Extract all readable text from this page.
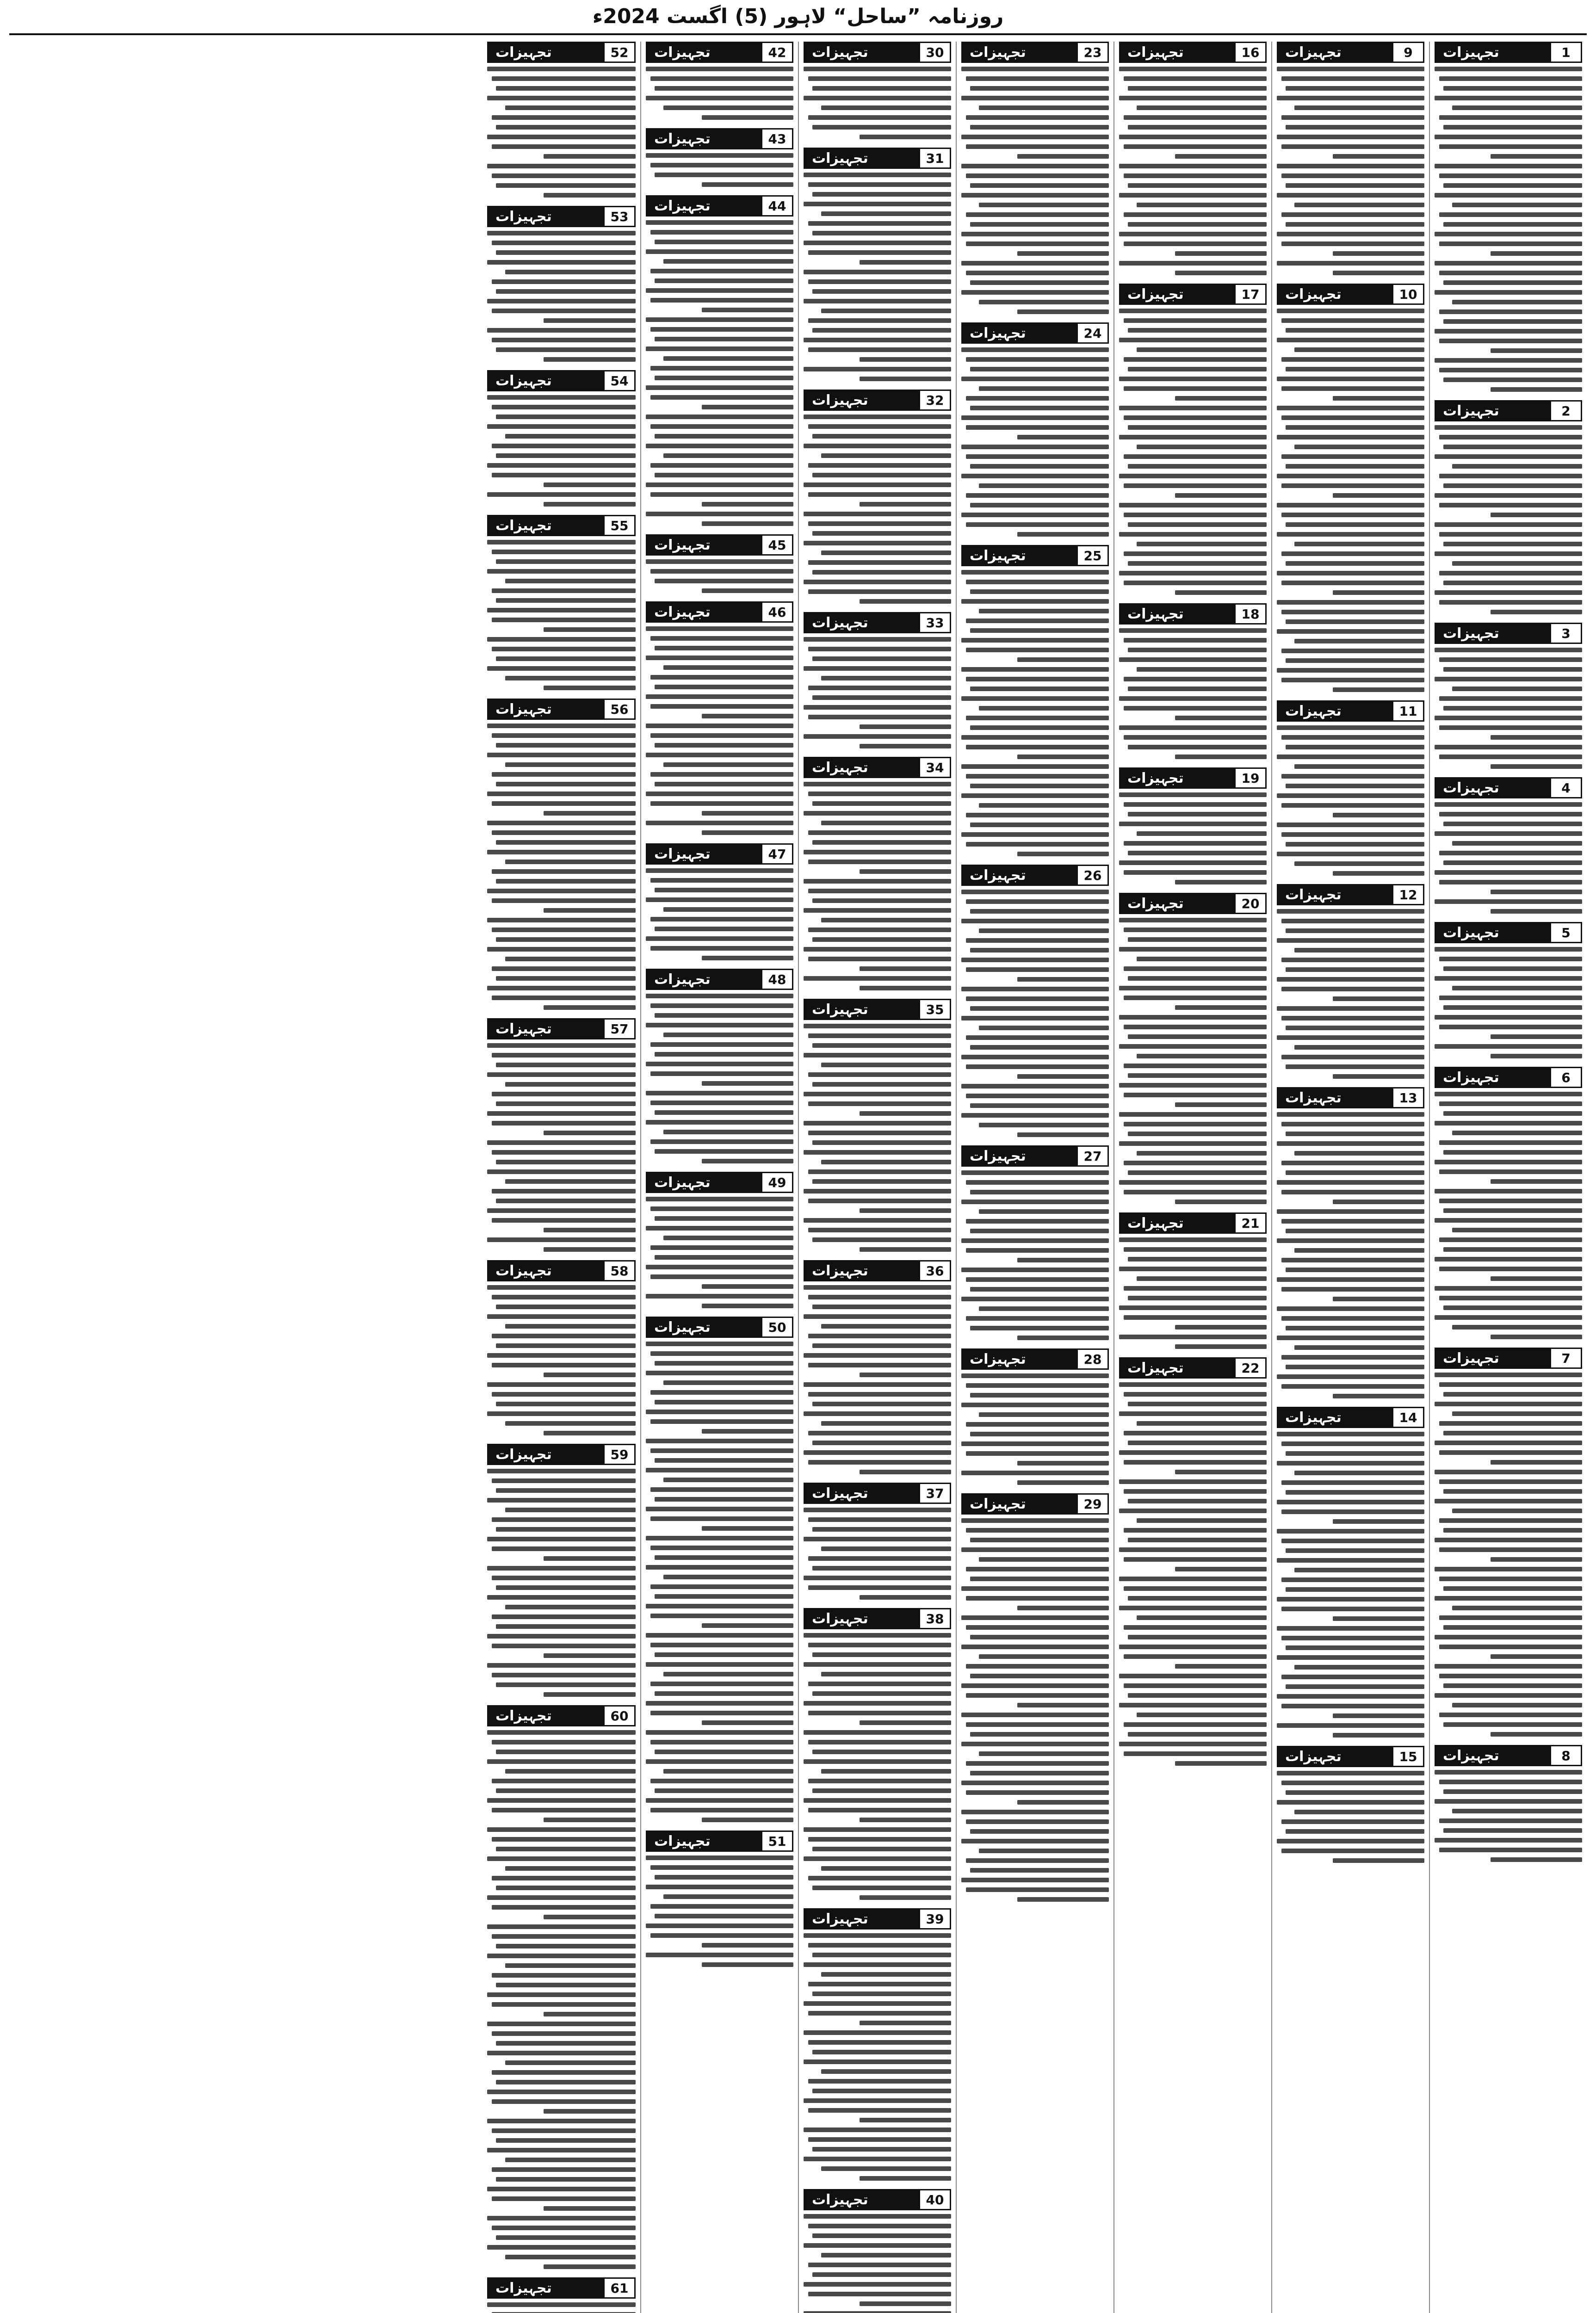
روزنامہ ”ساحل“ لاہور (5) اگست 2024ء
1
تجہیزات
2
تجہیزات
3
تجہیزات
4
تجہیزات
5
تجہیزات
6
تجہیزات
7
تجہیزات
8
تجہیزات
9
تجہیزات
10
تجہیزات
11
تجہیزات
12
تجہیزات
13
تجہیزات
14
تجہیزات
15
تجہیزات
16
تجہیزات
17
تجہیزات
18
تجہیزات
19
تجہیزات
20
تجہیزات
21
تجہیزات
22
تجہیزات
23
تجہیزات
24
تجہیزات
25
تجہیزات
26
تجہیزات
27
تجہیزات
28
تجہیزات
29
تجہیزات
30
تجہیزات
31
تجہیزات
32
تجہیزات
33
تجہیزات
34
تجہیزات
35
تجہیزات
36
تجہیزات
37
تجہیزات
38
تجہیزات
39
تجہیزات
40
تجہیزات
42
تجہیزات
43
تجہیزات
44
تجہیزات
45
تجہیزات
46
تجہیزات
47
تجہیزات
48
تجہیزات
49
تجہیزات
50
تجہیزات
51
تجہیزات
52
تجہیزات
53
تجہیزات
54
تجہیزات
55
تجہیزات
56
تجہیزات
57
تجہیزات
58
تجہیزات
59
تجہیزات
60
تجہیزات
61
تجہیزات
